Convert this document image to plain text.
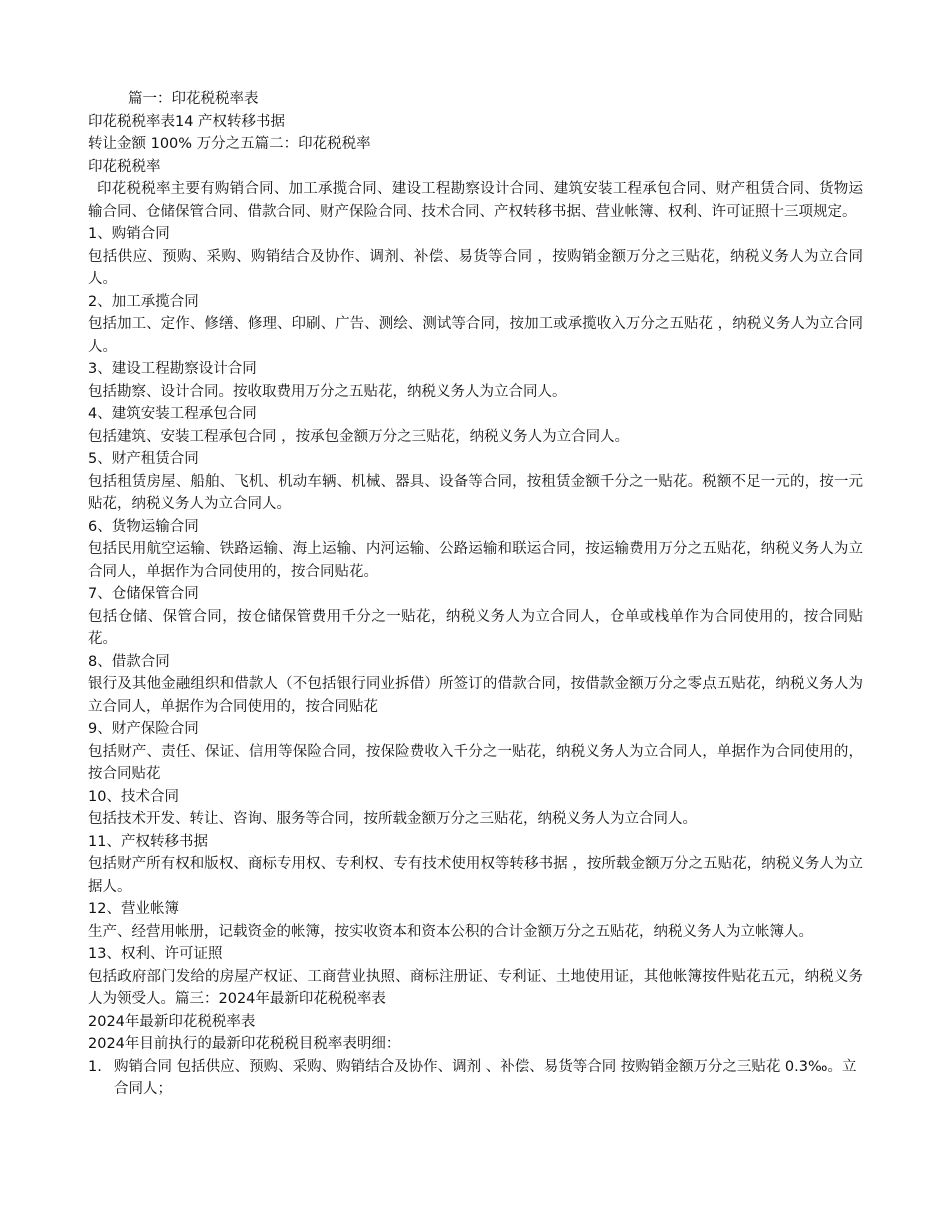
篇一：印花税税率表

印花税税率表14 产权转移书据

转让金额 100% 万分之五篇二：印花税税率

印花税税率

印花税税率主要有购销合同、加工承揽合同、建设工程勘察设计合同、建筑安装工程承包合同、财产租赁合同、货物运输合同、仓储保管合同、借款合同、财产保险合同、技术合同、产权转移书据、营业帐簿、权利、许可证照十三项规定。

1、购销合同

包括供应、预购、采购、购销结合及协作、调剂、补偿、易货等合同 ，按购销金额万分之三贴花，纳税义务人为立合同人。

2、加工承揽合同

包括加工、定作、修缮、修理、印刷、广告、测绘、测试等合同，按加工或承揽收入万分之五贴花 ，纳税义务人为立合同人。

3、建设工程勘察设计合同

包括勘察、设计合同。按收取费用万分之五贴花，纳税义务人为立合同人。

4、建筑安装工程承包合同

包括建筑、安装工程承包合同 ，按承包金额万分之三贴花，纳税义务人为立合同人。

5、财产租赁合同

包括租赁房屋、船舶、飞机、机动车辆、机械、器具、设备等合同，按租赁金额千分之一贴花。税额不足一元的，按一元贴花，纳税义务人为立合同人。

6、货物运输合同

包括民用航空运输、铁路运输、海上运输、内河运输、公路运输和联运合同，按运输费用万分之五贴花，纳税义务人为立合同人，单据作为合同使用的，按合同贴花。

7、仓储保管合同

包括仓储、保管合同，按仓储保管费用千分之一贴花，纳税义务人为立合同人，仓单或栈单作为合同使用的，按合同贴花。

8、借款合同

银行及其他金融组织和借款人（不包括银行同业拆借）所签订的借款合同，按借款金额万分之零点五贴花，纳税义务人为立合同人，单据作为合同使用的，按合同贴花

9、财产保险合同

包括财产、责任、保证、信用等保险合同，按保险费收入千分之一贴花，纳税义务人为立合同人，单据作为合同使用的，按合同贴花

10、技术合同

包括技术开发、转让、咨询、服务等合同，按所载金额万分之三贴花，纳税义务人为立合同人。

11、产权转移书据

包括财产所有权和版权、商标专用权、专利权、专有技术使用权等转移书据 ，按所载金额万分之五贴花，纳税义务人为立据人。

12、营业帐簿

生产、经营用帐册，记载资金的帐簿，按实收资本和资本公积的合计金额万分之五贴花，纳税义务人为立帐簿人。

13、权利、许可证照

包括政府部门发给的房屋产权证、工商营业执照、商标注册证、专利证、土地使用证，其他帐簿按件贴花五元，纳税义务人为领受人。篇三：2024年最新印花税税率表

2024年最新印花税税率表

2024年目前执行的最新印花税税目税率表明细：

1. 购销合同 包括供应、预购、采购、购销结合及协作、调剂 、补偿、易货等合同 按购销金额万分之三贴花 0.3‰。立合同人；
